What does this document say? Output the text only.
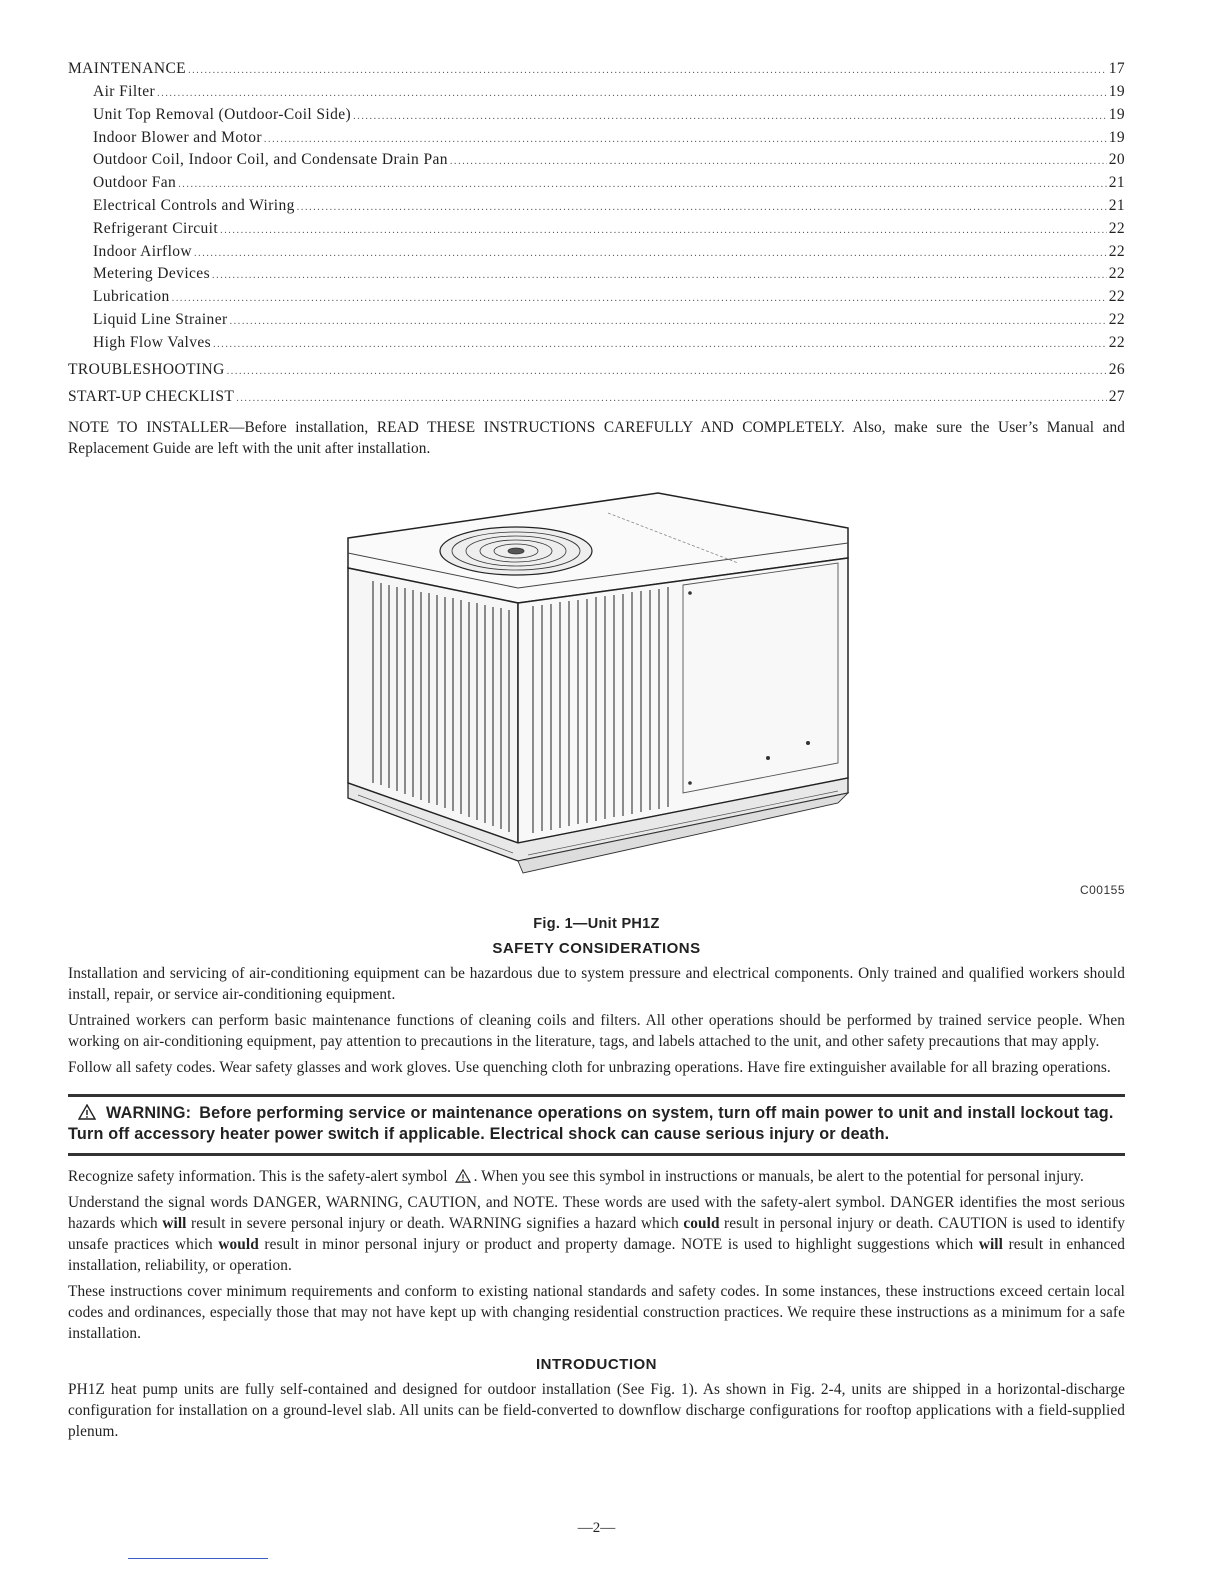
MAINTENANCE .....	17
Air Filter .....	19
Unit Top Removal (Outdoor-Coil Side) .....	19
Indoor Blower and Motor .....	19
Outdoor Coil, Indoor Coil, and Condensate Drain Pan .....	20
Outdoor Fan .....	21
Electrical Controls and Wiring .....	21
Refrigerant Circuit .....	22
Indoor Airflow .....	22
Metering Devices .....	22
Lubrication .....	22
Liquid Line Strainer .....	22
High Flow Valves .....	22
TROUBLESHOOTING .....	26
START-UP CHECKLIST .....	27

NOTE TO INSTALLER—Before installation, READ THESE INSTRUCTIONS CAREFULLY AND COMPLETELY. Also, make sure the User’s Manual and Replacement Guide are left with the unit after installation.

C00155
Fig. 1—Unit PH1Z
SAFETY CONSIDERATIONS

Installation and servicing of air-conditioning equipment can be hazardous due to system pressure and electrical components. Only trained and qualified workers should install, repair, or service air-conditioning equipment.

Untrained workers can perform basic maintenance functions of cleaning coils and filters. All other operations should be performed by trained service people. When working on air-conditioning equipment, pay attention to precautions in the literature, tags, and labels attached to the unit, and other safety precautions that may apply.

Follow all safety codes. Wear safety glasses and work gloves. Use quenching cloth for unbrazing operations. Have fire extinguisher available for all brazing operations.

WARNING: Before performing service or maintenance operations on system, turn off main power to unit and install lockout tag. Turn off accessory heater power switch if applicable. Electrical shock can cause serious injury or death.

Recognize safety information. This is the safety-alert symbol . When you see this symbol in instructions or manuals, be alert to the potential for personal injury.

Understand the signal words DANGER, WARNING, CAUTION, and NOTE. These words are used with the safety-alert symbol. DANGER identifies the most serious hazards which will result in severe personal injury or death. WARNING signifies a hazard which could result in personal injury or death. CAUTION is used to identify unsafe practices which would result in minor personal injury or product and property damage. NOTE is used to highlight suggestions which will result in enhanced installation, reliability, or operation.

These instructions cover minimum requirements and conform to existing national standards and safety codes. In some instances, these instructions exceed certain local codes and ordinances, especially those that may not have kept up with changing residential construction practices. We require these instructions as a minimum for a safe installation.

INTRODUCTION

PH1Z heat pump units are fully self-contained and designed for outdoor installation (See Fig. 1). As shown in Fig. 2-4, units are shipped in a horizontal-discharge configuration for installation on a ground-level slab. All units can be field-converted to downflow discharge configurations for rooftop applications with a field-supplied plenum.

—2—
